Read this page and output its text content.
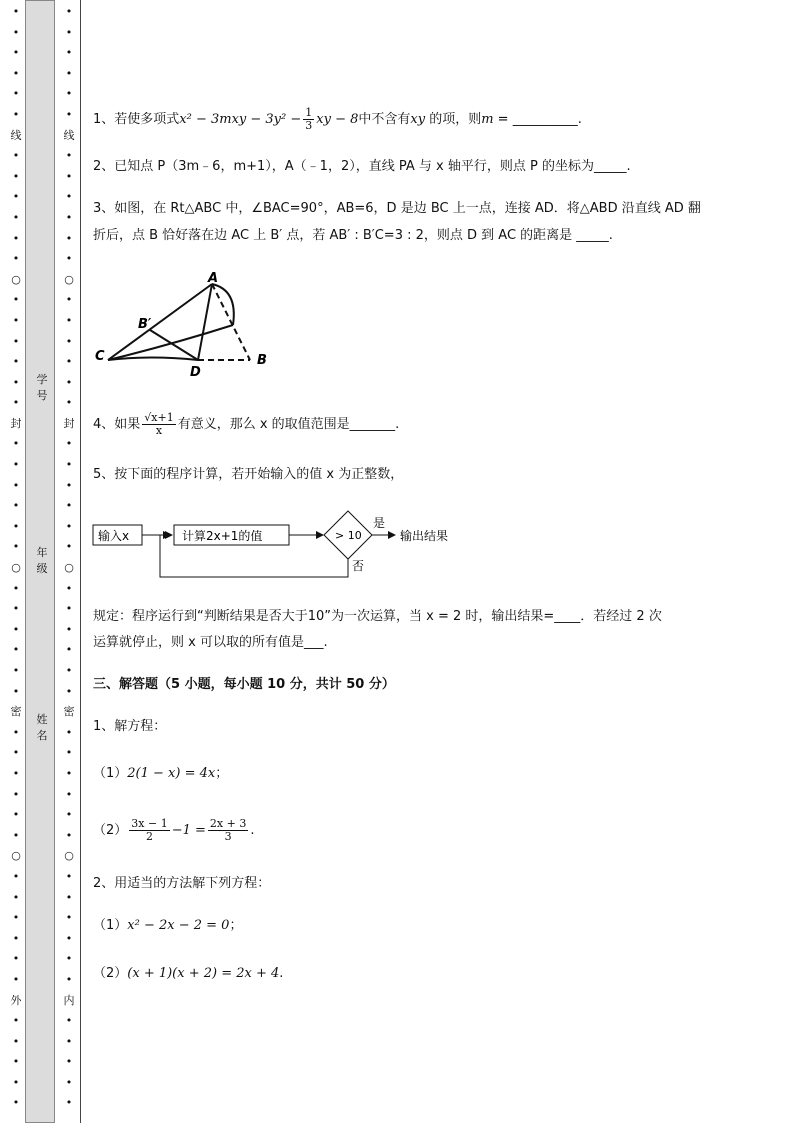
•
•
•
•
•
•
线
•
•
•
•
•
•
○
•
•
•
•
•
•
封
•
•
•
•
•
•
○
•
•
•
•
•
•
密
•
•
•
•
•
•
○
•
•
•
•
•
•
外
•
•
•
•
•
学号
年级
姓名
•
•
•
•
•
•
线
•
•
•
•
•
•
○
•
•
•
•
•
•
封
•
•
•
•
•
•
○
•
•
•
•
•
•
密
•
•
•
•
•
•
○
•
•
•
•
•
•
内
•
•
•
•
•
1、若使多项式$x^2 - 3mxy - 3y^2 - \frac{1}{3}$ xy − 8中不含有xy 的项，则m = __________.
2、已知点 P（3m﹣6，m+1），A（﹣1，2），直线 PA 与 x 轴平行，则点 P 的坐标为_____.
3、如图，在 Rt△ABC 中，∠BAC=90°，AB=6，D 是边 BC 上一点，连接 AD．将△ABD 沿直线 AD 翻
折后，点 B 恰好落在边 AC 上 B′ 点，若 AB′ : B′C=3 : 2，则点 D 到 AC 的距离是 _____.
4、如果 $\frac{√x+1}{x}$ 有意义，那么 x 的取值范围是_______.
5、按下面的程序计算，若开始输入的值 x 为正整数，
规定：程序运行到“判断结果是否大于10”为一次运算，当 x = 2 时，输出结果=____．若经过 2 次
运算就停止，则 x 可以取的所有值是___.
三、解答题（5 小题，每小题 10 分，共计 50 分）
1、解方程：
（1）2(1 − x) = 4x；
$(2) \frac{3x - 1}{2} -1 = \frac{2x + 3}{3}$ .
2、用适当的方法解下列方程：
（1）x² − 2x − 2 = 0；
（2）(x + 1)(x + 2) = 2x + 4.
A
B′
C
D
B
输入x	计算2x+1的值	> 10
是
输出结果
否
